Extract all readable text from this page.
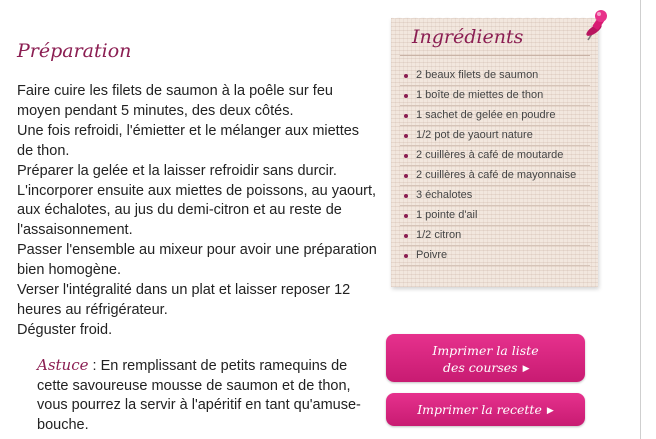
Préparation

Faire cuire les filets de saumon à la poêle sur feu moyen pendant 5 minutes, des deux côtés.

Une fois refroidi, l'émietter et le mélanger aux miettes de thon.

Préparer la gelée et la laisser refroidir sans durcir. L'incorporer ensuite aux miettes de poissons, au yaourt, aux échalotes, au jus du demi-citron et au reste de l'assaisonnement.

Passer l'ensemble au mixeur pour avoir une préparation bien homogène.

Verser l'intégralité dans un plat et laisser reposer 12 heures au réfrigérateur.

Déguster froid.

Astuce : En remplissant de petits ramequins de cette savoureuse mousse de saumon et de thon, vous pourrez la servir à l'apéritif en tant qu'amuse-bouche.
Ingrédients
2 beaux filets de saumon
1 boîte de miettes de thon
1 sachet de gelée en poudre
1/2 pot de yaourt nature
2 cuillères à café de moutarde
2 cuillères à café de mayonnaise
3 échalotes
1 pointe d'ail
1/2 citron
Poivre
Imprimer la liste
des courses ▶
Imprimer la recette ▶
